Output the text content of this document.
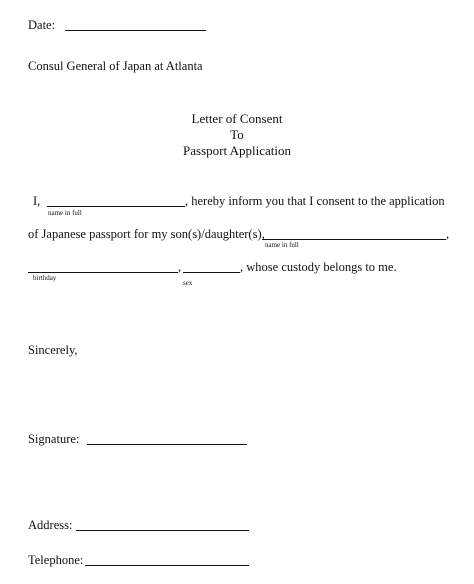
Date:
Consul General of Japan at Atlanta
Letter of Consent
To
Passport Application
I,	, hereby inform you that I consent to the application
name in full
of Japanese passport for my son(s)/daughter(s),	,
name in full
,	, whose custody belongs to me.
birthday
sex
Sincerely,
Signature:
Address:
Telephone:
